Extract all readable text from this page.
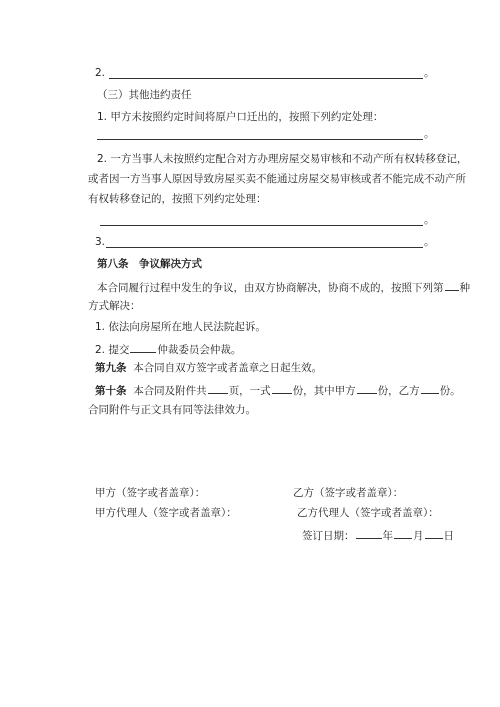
2.	。
（三）其他违约责任
1. 甲方未按照约定时间将原户口迁出的，按照下列约定处理：
。
2. 一方当事人未按照约定配合对方办理房屋交易审核和不动产所有权转移登记，
或者因一方当事人原因导致房屋买卖不能通过房屋交易审核或者不能完成不动产所
有权转移登记的，按照下列约定处理：
。
3.	。
第八条　争议解决方式
本合同履行过程中发生的争议，由双方协商解决，协商不成的，按照下列第 种
方式解决：
1. 依法向房屋所在地人民法院起诉。
2. 提交	仲裁委员会仲裁。
第九条 本合同自双方签字或者盖章之日起生效。
第十条 本合同及附件共 页，一式 份，其中甲方 份，乙方 份。
合同附件与正文具有同等法律效力。
甲方（签字或者盖章）：	乙方（签字或者盖章）：
甲方代理人（签字或者盖章）：	乙方代理人（签字或者盖章）：
签订日期：	年 月 日
